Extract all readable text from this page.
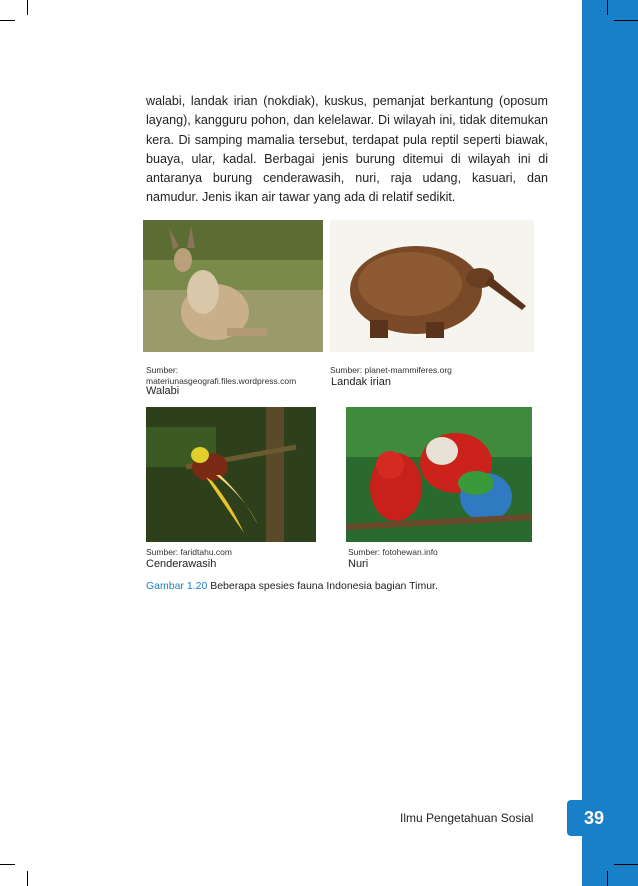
walabi, landak irian (nokdiak), kuskus, pemanjat berkantung (oposum layang), kangguru pohon, dan kelelawar. Di wilayah ini, tidak ditemukan kera. Di samping mamalia tersebut, terdapat pula reptil seperti biawak, buaya, ular, kadal. Berbagai jenis burung ditemui di wilayah ini di antaranya burung cenderawasih, nuri, raja udang, kasuari, dan namudur. Jenis ikan air tawar yang ada di relatif sedikit.

Sumber: materiunasgeografi.files.wordpress.com
Walabi
Sumber: planet-mammiferes.org
Landak irian
Sumber: faridtahu.com
Cenderawasih
Sumber: fotohewan.info
Nuri
Gambar 1.20 Beberapa spesies fauna Indonesia bagian Timur.
Ilmu Pengetahuan Sosial	39
